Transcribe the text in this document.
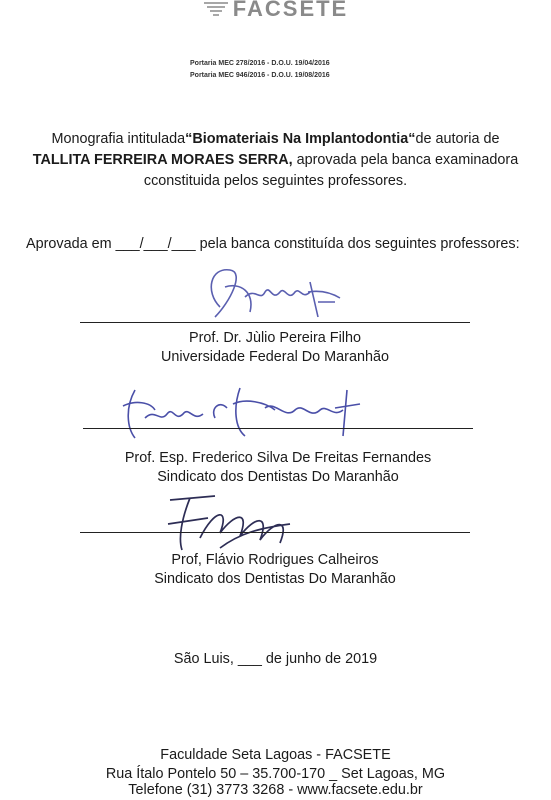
FACSETE
Portaria MEC 278/2016 - D.O.U. 19/04/2016
Portaria MEC 946/2016 - D.O.U. 19/08/2016
Monografia intitulada“Biomateriais Na Implantodontia“de autoria de TALLITA FERREIRA MORAES SERRA, aprovada pela banca examinadora cconstituida pelos seguintes professores.
Aprovada em ___/___/___ pela banca constituída dos seguintes professores:
Prof. Dr. Jùlio Pereira Filho
Universidade Federal Do Maranhão
Prof. Esp. Frederico Silva De Freitas Fernandes
Sindicato dos Dentistas Do Maranhão
Prof, Flávio Rodrigues Calheiros
Sindicato dos Dentistas Do Maranhão
São Luis, ___ de junho de 2019
Faculdade Seta Lagoas - FACSETE
Rua Ítalo Pontelo 50 – 35.700-170 _ Set Lagoas, MG
Telefone (31) 3773 3268 - www.facsete.edu.br
